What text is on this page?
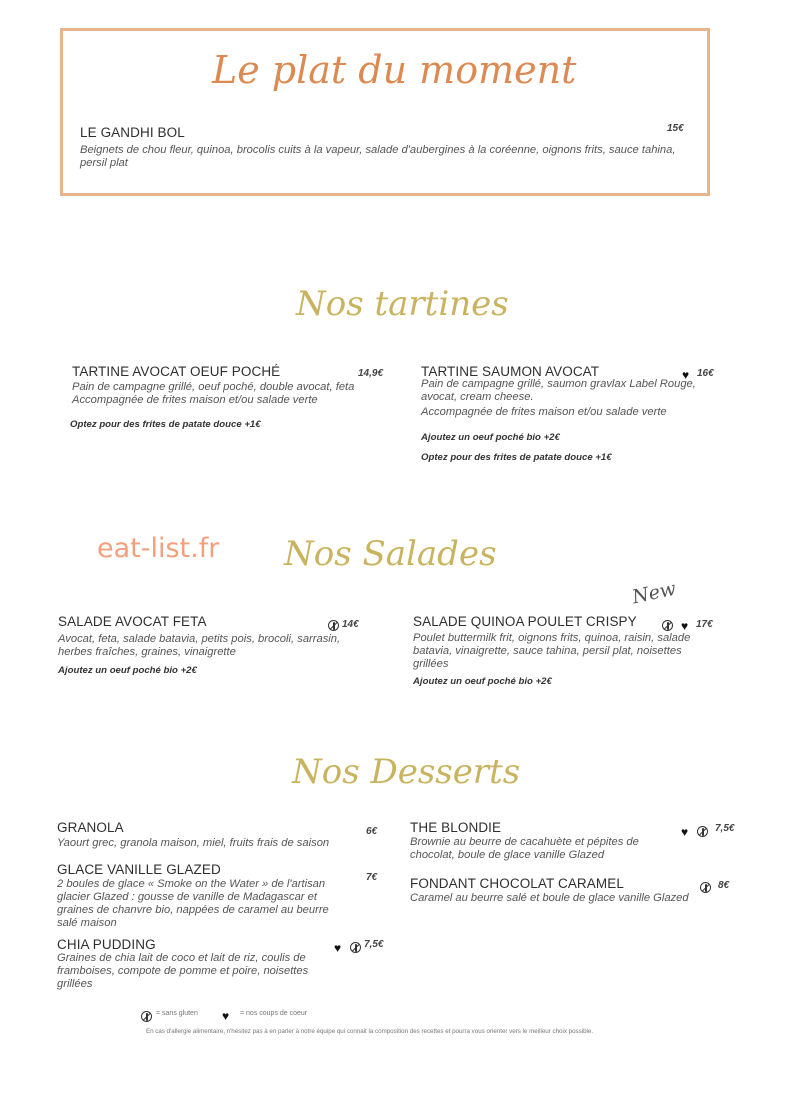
Le plat du moment
LE GANDHI BOL	15€
Beignets de chou fleur, quinoa, brocolis cuits à la vapeur, salade d'aubergines à la coréenne, oignons frits, sauce tahina, persil plat
Nos tartines
TARTINE AVOCAT OEUF POCHÉ	14,9€
Pain de campagne grillé, oeuf poché, double avocat, feta
Accompagnée de frites maison et/ou salade verte
Optez pour des frites de patate douce +1€
TARTINE SAUMON AVOCAT	♥ 16€
Pain de campagne grillé, saumon gravlax Label Rouge, avocat, cream cheese.
Accompagnée de frites maison et/ou salade verte
Ajoutez un oeuf poché bio +2€
Optez pour des frites de patate douce +1€
eat-list.fr Nos Salades
New
SALADE AVOCAT FETA	14€
Avocat, feta, salade batavia, petits pois, brocoli, sarrasin, herbes fraîches, graines, vinaigrette
Ajoutez un oeuf poché bio +2€
SALADE QUINOA POULET CRISPY	♥ 17€
Poulet buttermilk frit, oignons frits, quinoa, raisin, salade batavia, vinaigrette, sauce tahina, persil plat, noisettes grillées
Ajoutez un oeuf poché bio +2€
Nos Desserts
GRANOLA	6€
Yaourt grec, granola maison, miel, fruits frais de saison
GLACE VANILLE GLAZED
7€
2 boules de glace « Smoke on the Water » de l'artisan glacier Glazed : gousse de vanille de Madagascar et graines de chanvre bio, nappées de caramel au beurre salé maison
CHIA PUDDING	♥ 7,5€
Graines de chia lait de coco et lait de riz, coulis de framboises, compote de pomme et poire, noisettes grillées
THE BLONDIE	♥	7,5€
Brownie au beurre de cacahuète et pépites de chocolat, boule de glace vanille Glazed
FONDANT CHOCOLAT CARAMEL	8€
Caramel au beurre salé et boule de glace vanille Glazed
= sans gluten ♥ = nos coups de coeur
En cas d'allergie alimentaire, n'hésitez pas à en parler à notre équipe qui connait la composition des recettes et pourra vous orienter vers le meilleur choix possible.
